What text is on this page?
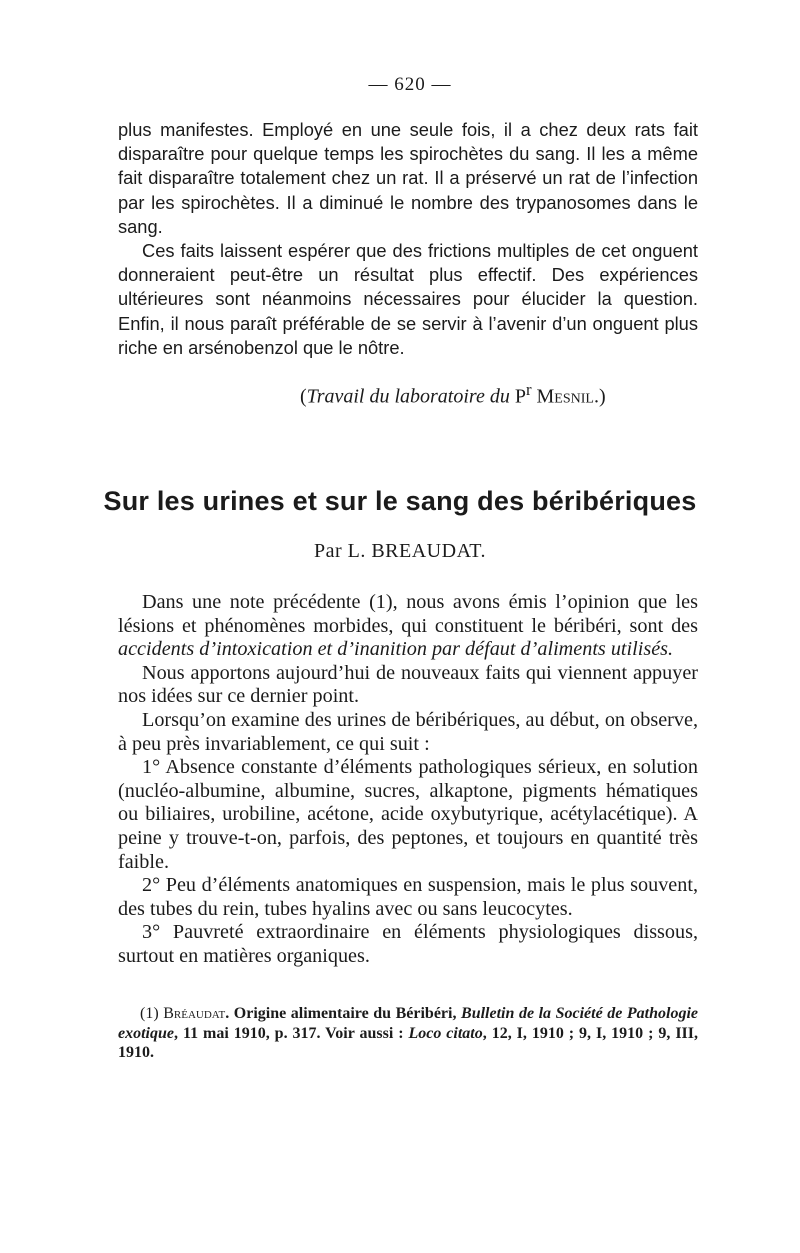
— 620 —

plus manifestes. Employé en une seule fois, il a chez deux rats fait disparaître pour quelque temps les spirochètes du sang. Il les a même fait disparaître totalement chez un rat. Il a préservé un rat de l’infection par les spirochètes. Il a diminué le nombre des trypanosomes dans le sang.

Ces faits laissent espérer que des frictions multiples de cet onguent donneraient peut-être un résultat plus effectif. Des expériences ultérieures sont néanmoins nécessaires pour élucider la question. Enfin, il nous paraît préférable de se servir à l’avenir d’un onguent plus riche en arsénobenzol que le nôtre.

(Travail du laboratoire du $P^r$ Mesnil.)
Sur les urines et sur le sang des béribériques
Par L. BREAUDAT.

Dans une note précédente (1), nous avons émis l’opinion que les lésions et phénomènes morbides, qui constituent le béribéri, sont des accidents d’intoxication et d’inanition par défaut d’aliments utilisés.

Nous apportons aujourd’hui de nouveaux faits qui viennent appuyer nos idées sur ce dernier point.

Lorsqu’on examine des urines de béribériques, au début, on observe, à peu près invariablement, ce qui suit :

1° Absence constante d’éléments pathologiques sérieux, en solution (nucléo-albumine, albumine, sucres, alkaptone, pigments hématiques ou biliaires, urobiline, acétone, acide oxybutyrique, acétylacétique). A peine y trouve-t-on, parfois, des peptones, et toujours en quantité très faible.

2° Peu d’éléments anatomiques en suspension, mais le plus souvent, des tubes du rein, tubes hyalins avec ou sans leucocytes.

3° Pauvreté extraordinaire en éléments physiologiques dissous, surtout en matières organiques.

(1) Bréaudat. Origine alimentaire du Béribéri, Bulletin de la Société de Pathologie exotique, 11 mai 1910, p. 317. Voir aussi : Loco citato, 12, I, 1910 ; 9, I, 1910 ; 9, III, 1910.
